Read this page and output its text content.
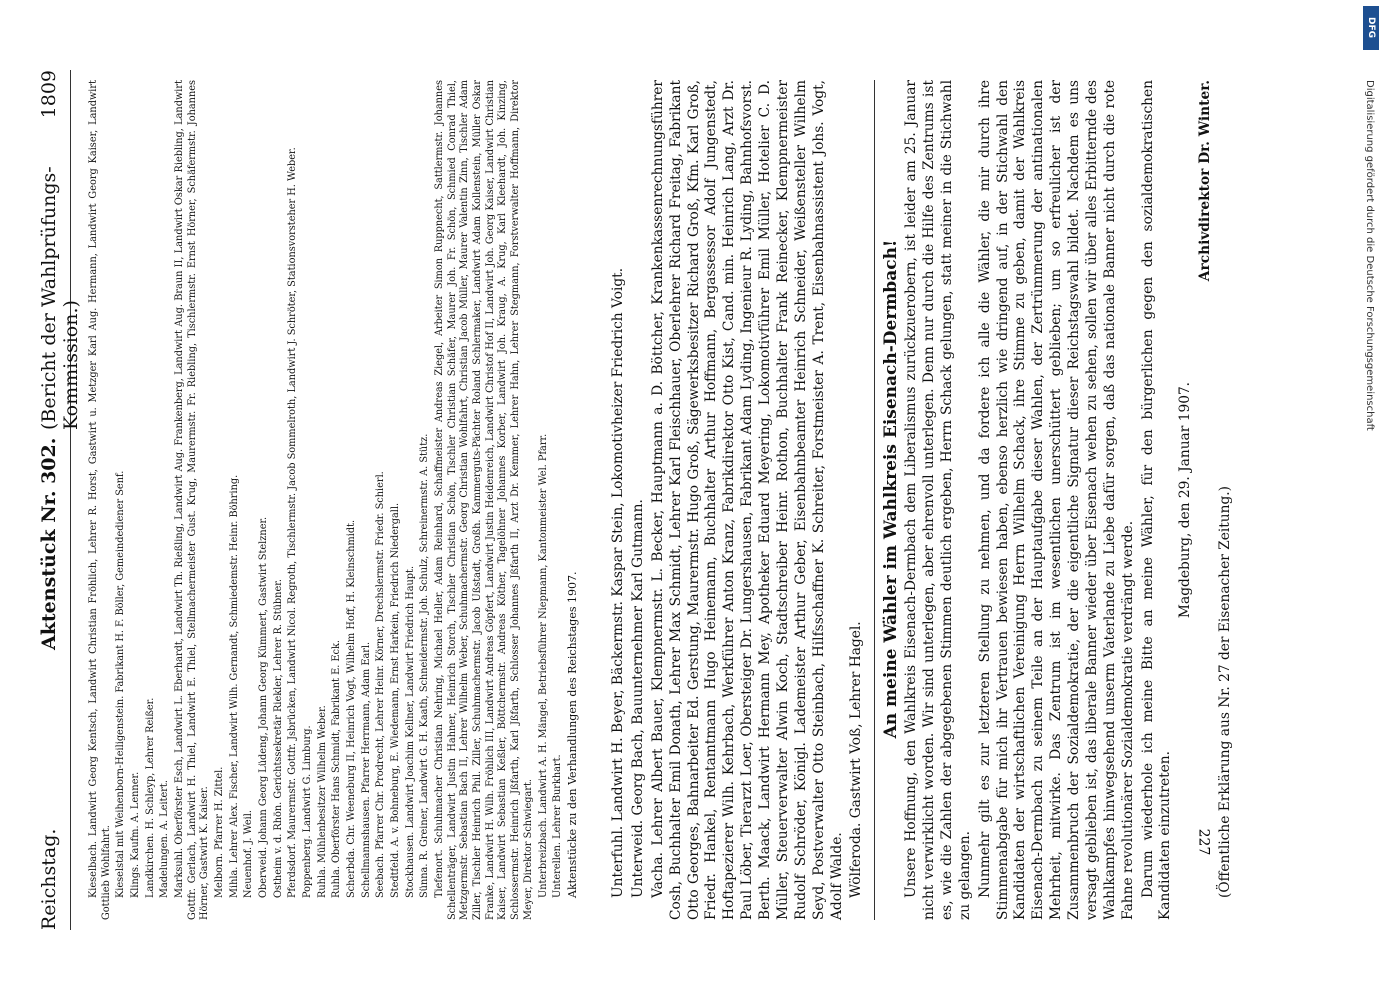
Reichstag.
Aktenstück Nr. 302.
(Bericht der Wahlprüfungs-Kommission.)
1809	Kieselbach. Landwirt Georg Kentsch, Landwirt Christian Fröhlich, Lehrer R. Horst, Gastwirt u. Metzger Karl Aug. Hermann, Landwirt Georg Kaiser, Landwirt Gottlieb Wohlfahrt. Kieselstal mit Weihenborn-Heiligenstein. Fabrikant H. F. Böller, Gemeindediener Senf. Klings. Kaufm. A. Lenner. Landkirchen. H. Schleyp, Lehrer Reißer. Madelungen. A. Leitert. Marksuhl. Oberförster Esch, Landwirt L. Eberhardt, Landwirt Th. Rießling, Landwirt Aug. Frankenberg, Landwirt Aug. Braun II, Landwirt Oskar Riebling, Landwirt Gottfr. Gerlach, Landwirt H. Thiel, Landwirt E. Thiel, Stellmachermeister Gust. Krug, Maurermstr. Fr. Riebling, Tischlermstr. Ernst Hörner, Schäfermstr. Johannes Hörner, Gastwirt K. Kaiser. Melborn. Pfarrer H. Zittel. Mihla. Lehrer Alex. Fischer, Landwirt Wilh. Gernandt, Schmiedemstr. Heinr. Böhring. Neuenhof. J. Weil. Oberweid. Johann Georg Lüdeng, Johann Georg Kümmert, Gastwirt Stelzner. Ostheim v. d. Rhön. Gerichtssekretär Riekler, Lehrer R. Stübner. Pferdsdorf. Maurermstr. Gottfr. Jsbrücken, Landwirt Nicol. Regroth, Tischlermstr. Jacob Sommelroth, Landwirt J. Schröter, Stationsvorsteher H. Weber. Poppenberg. Landwirt G. Limburg. Ruhla. Mühlenbesitzer Wilhelm Weber. Ruhla. Oberförster Hans Schmidt, Fabrikant E. Eck. Scherbda. Chr. Weeneburg II, Heinrich Vogt, Wilhelm Hoff, H. Kleinschmidt. Schellmannshausen. Pfarrer Herrmann, Adam Earl. Seebach. Pfarrer Chr. Prodrecht, Lehrer Heinr. Körner, Drechslermstr. Friedr. Schierl. Stedtfeld. A. v. Bohneburg, E. Wiedemann, Ernst Harkein, Friedrich Niedergall. Stockhausen. Landwirt Joachim Kellner, Landwirt Friedrich Haupt. Sünna. R. Greiner, Landwirt G. H. Kaath, Schneidermstr. Joh. Schulz, Schreinermstr. A. Stütz. Tiefenort. Schuhmacher Christian Nehring, Michael Heller, Adam Reinhard, Schaffmeister Andreas Ziegel, Arbeiter Simon Ruppnecht, Sattlermstr. Johannes Schellenträger, Landwirt Justin Hahner, Heinrich Storch, Tischler Christian Schön, Tischler Christian Schäfer, Maurer Joh. Fr. Schön, Schmied Conrad Thiel, Metzgermstr. Sebastian Bach II, Lehrer Wilhelm Weber, Schuhmachermstr. Georg Christian Wohlfahrt, Christian Jacob Müller, Maurer Valentin Zinn, Tischler Adam Ziller, Tischler Heinrich Phil. Ziller, Schuhmachermstr. Jacob Ußstadt, Großh. Kammerguts-Pächter Roland Schlermaker, Landwirt Adam Kollenstein, Müller Oskar Franke, Landwirt H. Wilh. Fröhlich III, Landwirt Andreas Göpfert, Landwirt Justin Heidenreich, Landwirt Christof Hof II, Landwirt Joh. Georg Kaiser, Landwirt Christian Kaiser, Landwirt Sebastian Keßler, Böttchermstr. Andreas Köther, Tagelöhner Johannes Korber, Landwirt Joh. Kraug, A. Krug, Karl Kleehardt, Joh. Kinzing, Schlossermstr. Heinrich Jßfarth, Karl Jßfarth, Schlosser Johannes Jßfarth II, Arzt Dr. Kemmer, Lehrer Hahn, Lehrer Stegmann, Forstverwalter Hoffmann, Direktor Meyer, Direktor Schwiegart. Unterbreizbach. Landwirt A. H. Mängel, Betriebsführer Niepmann, Kantonmeister Wel. Pfarr. Unterellen. Lehrer Burkhart. Aktenstücke zu den Verhandlungen des Reichstages 1907. Unterfuhl. Landwirt H. Beyer, Bäckermstr. Kaspar Stein, Lokomotivheizer Friedrich Voigt. Unterweid. Georg Bach, Bauunternehmer Karl Gutmann. Vacha. Lehrer Albert Bauer, Klempnermstr. L. Becker, Hauptmann a. D. Böttcher, Krankenkassenrechnungsführer Cosh, Buchhalter Emil Donath, Lehrer Max Schmidt, Lehrer Karl Fleischhauer, Oberlehrer Richard Freitag, Fabrikant Otto Georges, Bahnarbeiter Ed. Gerstung, Maurermstr. Hugo Groß, Sägewerksbesitzer Richard Groß, Kfm. Karl Groß, Friedr. Hankel, Rentamtmann Hugo Heinemann, Buchhalter Arthur Hoffmann, Bergassessor Adolf Jungenstedt, Hoftapezierer Wilh. Kehrbach, Werkführer Anton Kranz, Fabrikdirektor Otto Kist, Cand. min. Heinrich Lang, Arzt Dr. Paul Löber, Tierarzt Loer, Obersteiger Dr. Lungershausen, Fabrikant Adam Lyding, Ingenieur R. Lyding, Bahnhofsvorst. Berth. Maack, Landwirt Hermann Mey, Apotheker Eduard Meyering, Lokomotivführer Emil Müller, Hotelier C. D. Müller, Steuerverwalter Alwin Koch, Stadtschreiber Heinr. Rothon, Buchhalter Frank Reinecker, Klempnermeister Rudolf Schröder, Königl. Lademeister Arthur Geber, Eisenbahnbeamter Heinrich Schneider, Weißensteller Wilhelm Seyd, Postverwalter Otto Steinbach, Hilfsschaffner K. Schreiter, Forstmeister A. Trent, Eisenbahnassistent Johs. Vogt, Adolf Walde. Wölferoda. Gastwirt Voß, Lehrer Hagel.

An meine Wähler im Wahlkreis Eisenach-Dermbach! Unsere Hoffnung, den Wahlkreis Eisenach-Dermbach dem Liberalismus zurückzuerobern, ist leider am 25. Januar nicht verwirklicht worden. Wir sind unterlegen, aber ehrenvoll unterlegen. Denn nur durch die Hilfe des Zentrums ist es, wie die Zahlen der abgegebenen Stimmen deutlich ergeben, Herrn Schack gelungen, statt meiner in die Stichwahl zu gelangen. Nunmehr gilt es zur letzteren Stellung zu nehmen, und da fordere ich alle die Wähler, die mir durch ihre Stimmenabgabe für mich ihr Vertrauen bewiesen haben, ebenso herzlich wie dringend auf, in der Stichwahl den Kandidaten der wirtschaftlichen Vereinigung Herrn Wilhelm Schack, ihre Stimme zu geben, damit der Wahlkreis Eisenach-Dermbach zu seinem Teile an der Hauptaufgabe dieser Wahlen, der Zertrümmerung der antinationalen Mehrheit, mitwirke. Das Zentrum ist im wesentlichen unerschüttert geblieben; um so erfreulicher ist der Zusammenbruch der Sozialdemokratie, der die eigentliche Signatur dieser Reichstagswahl bildet. Nachdem es uns versagt geblieben ist, das liberale Banner wieder über Eisenach wehen zu sehen, sollen wir über alles Erbitternde des Wahlkampfes hinwegsehend unserm Vaterlande zu Liebe dafür sorgen, daß das nationale Banner nicht durch die rote Fahne revolutionärer Sozialdemokratie verdrängt werde. Darum wiederhole ich meine Bitte an meine Wähler, für den bürgerlichen gegen den sozialdemokratischen Kandidaten einzutreten.

Magdeburg, den 29. Januar 1907.

Archivdirektor Dr. Winter.

(Öffentliche Erklärung aus Nr. 27 der Eisenacher Zeitung.)

227
Digitalisierung gefördert durch die Deutsche Forschungsgemeinschaft
DFG
